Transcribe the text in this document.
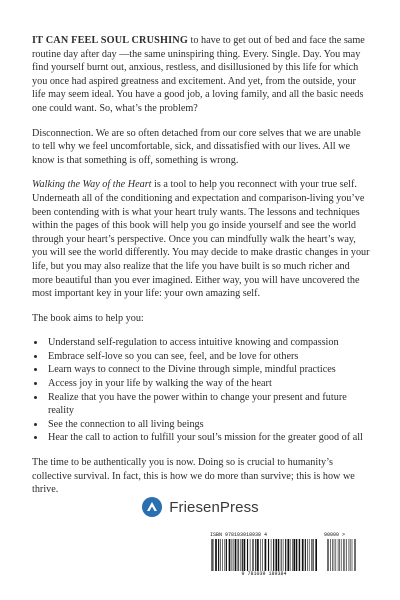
IT CAN FEEL SOUL CRUSHING to have to get out of bed and face the same routine day after day —the same uninspiring thing. Every. Single. Day. You may find yourself burnt out, anxious, restless, and disillusioned by this life for which you once had aspired greatness and excitement. And yet, from the outside, your life may seem ideal. You have a good job, a loving family, and all the basic needs one could want. So, what’s the problem?

Disconnection. We are so often detached from our core selves that we are unable to tell why we feel uncomfortable, sick, and dissatisfied with our lives. All we know is that something is off, something is wrong.

Walking the Way of the Heart is a tool to help you reconnect with your true self. Underneath all of the conditioning and expectation and comparison-living you’ve been contending with is what your heart truly wants. The lessons and techniques within the pages of this book will help you go inside yourself and see the world through your heart’s perspective. Once you can mindfully walk the heart’s way, you will see the world differently. You may decide to make drastic changes in your life, but you may also realize that the life you have built is so much richer and more beautiful than you ever imagined. Either way, you will have uncovered the most important key in your life: your own amazing self.

The book aims to help you:

• Understand self-regulation to access intuitive knowing and compassion
• Embrace self-love so you can see, feel, and be love for others
• Learn ways to connect to the Divine through simple, mindful practices
• Access joy in your life by walking the way of the heart
• Realize that you have the power within to change your present and future reality
• See the connection to all living beings
• Hear the call to action to fulfill your soul’s mission for the greater good of all

The time to be authentically you is now. Doing so is crucial to humanity’s collective survival. In fact, this is how we do more than survive; this is how we thrive.

FriesenPress
ISBN 978103918938 4	90000 >
9 781039 189384
